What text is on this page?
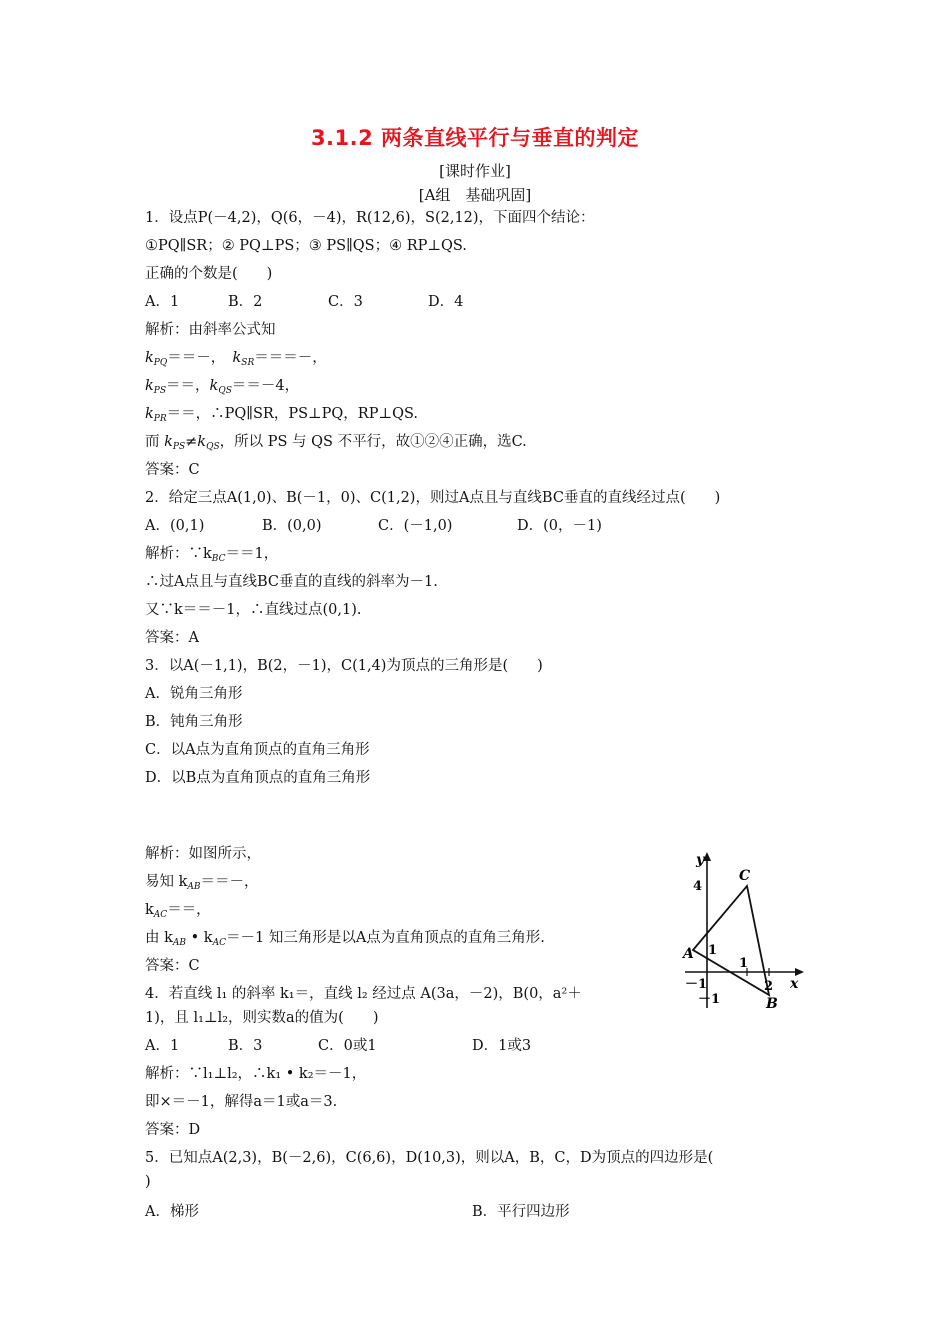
3.1.2 两条直线平行与垂直的判定
[课时作业]
[A组　基础巩固]
1．设点P(－4,2)，Q(6，－4)，R(12,6)，S(2,12)，下面四个结论：
①PQ∥SR；② PQ⊥PS；③ PS∥QS；④ RP⊥QS.
正确的个数是(　　)
A．1	B．2	C．3	D．4
解析：由斜率公式知
$k_{PQ}==-$，  $k_{SR}===-$，
$k_{PS}==$，$k_{QS}==-4$，
$k_{PR}==$，∴PQ∥SR，PS⊥PQ，RP⊥QS.
而 $k_{PS}\ne k_{QS}$，所以 PS 与 QS 不平行，故①②④正确，选C.
答案：C
2．给定三点A(1,0)、B(－1，0)、C(1,2)，则过A点且与直线BC垂直的直线经过点(　　)
A．(0,1)	B．(0,0)	C．(－1,0)	D．(0，－1)
解析：$\because k_{BC}==1$，
∴过A点且与直线BC垂直的直线的斜率为－1.
又∵k＝＝－1，∴直线过点(0,1).
答案：A
3．以A(－1,1)，B(2，－1)，C(1,4)为顶点的三角形是(　　)
A．锐角三角形
B．钝角三角形
C．以A点为直角顶点的直角三角形
D．以B点为直角顶点的直角三角形
解析：如图所示，
易知 $k_{AB}==-$，
$k_{AC}==$，
由 $k_{AB}$ • $k_{AC}=-1$ 知三角形是以A点为直角顶点的直角三角形.
答案：C
y
x
4
C
A 1
1
－1
－1
2
B
4．若直线 l₁ 的斜率 k₁＝，直线 l₂ 经过点 A(3a，－2)，B(0，a²＋
1)，且 l₁⊥l₂，则实数a的值为(　　)
A．1	B．3	C．0或1	D．1或3
解析：∵l₁⊥l₂，∴k₁ • k₂＝－1，
即×＝－1，解得a＝1或a＝3.
答案：D
5．已知点A(2,3)，B(－2,6)，C(6,6)，D(10,3)，则以A，B，C，D为顶点的四边形是(
)
A．梯形	B．平行四边形
